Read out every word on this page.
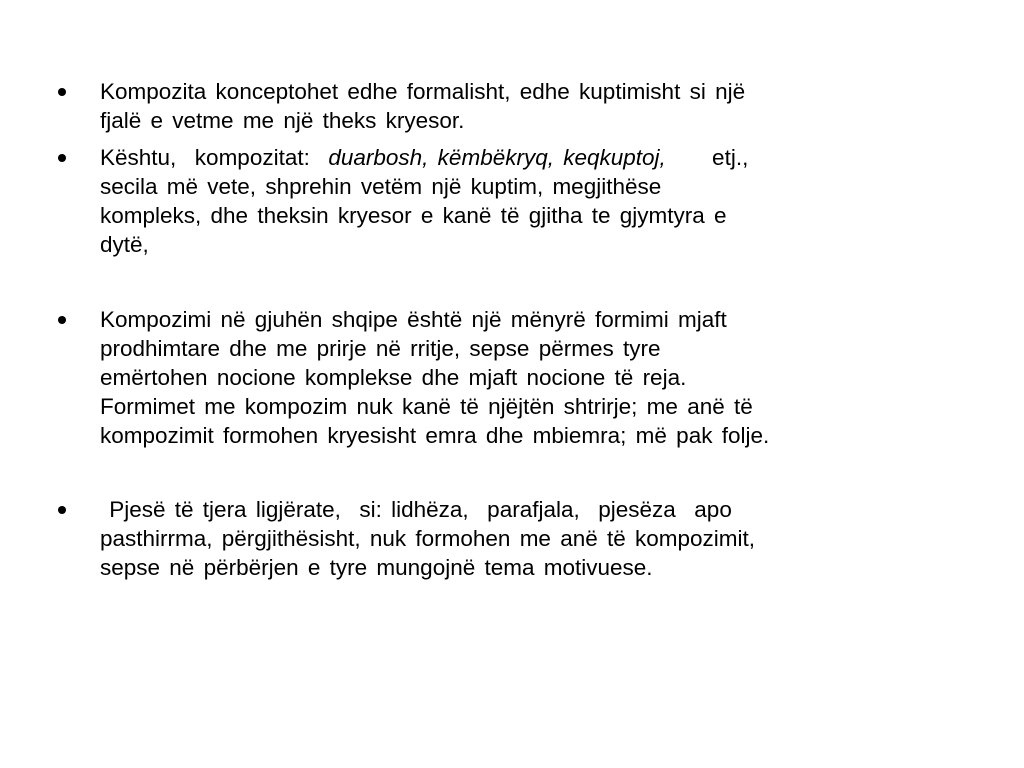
Kompozita konceptohet edhe formalisht, edhe kuptimisht si një
fjalë e vetme me një theks kryesor.
Kështu,  kompozitat:  duarbosh, këmbëkryq, keqkuptoj,     etj.,
secila më vete, shprehin vetëm një kuptim, megjithëse
kompleks, dhe theksin kryesor e kanë të gjitha te gjymtyra e
dytë,
Kompozimi në gjuhën shqipe është një mënyrë formimi mjaft
prodhimtare dhe me prirje në rritje, sepse përmes tyre
emërtohen nocione komplekse dhe mjaft nocione të reja.
Formimet me kompozim nuk kanë të njëjtën shtrirje; me anë të
kompozimit formohen kryesisht emra dhe mbiemra; më pak folje.
Pjesë të tjera ligjërate,  si: lidhëza,  parafjala,  pjesëza  apo
pasthirrma, përgjithësisht, nuk formohen me anë të kompozimit,
sepse në përbërjen e tyre mungojnë tema motivuese.
